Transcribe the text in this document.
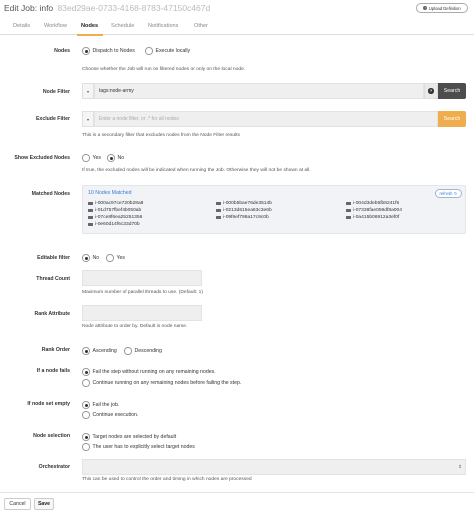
Edit Job: info 83ed29ae-0733-4168-8783-47150c467d	↑ Upload Definition
Details Workflow	Nodes Schedule Notifications	Other
Nodes	Dispatch to Nodes	Execute locally
Choose whether the Job will run on filtered nodes or only on the local node.
Node Filter	▾	tags:node-army	?	Search
Exclude Filter	▾	Enter a node filter, or .* for all nodes	Search
This is a secondary filter that excludes nodes from the Node Filter results
Show Excluded Nodes	Yes	No
If true, the excluded nodes will be indicated when running the Job. Otherwise they will not be shown at all.
Matched Nodes	10 Nodes Matched	refresh ↻
i-000ac97ce720b28a8	i-000b5bae76de3514b	i-004d3deb5fb8241f5
i-01d757fbef4b050ab	i-0213d615ea63c3e6b	i-07338fae059df8a004
i-07ce8f6ea25251356	i-09f6ef798a17c9c0b	i-0a415b06912a3ef0f
i-0e60d14f6c33d70b
Editable filter	No	Yes
Thread Count
Maximum number of parallel threads to use. (Default: 1)
Rank Attribute
Node attribute to order by. Default is node name.
Rank Order	Ascending	Descending
If a node fails	Fail the step without running on any remaining nodes.
Continue running on any remaining nodes before failing the step.
If node set empty	Fail the job.
Continue execution.
Node selection	Target nodes are selected by default
The user has to explicitly select target nodes
Orchestrator	⇕
This can be used to control the order and timing in which nodes are processed
Cancel	Save
